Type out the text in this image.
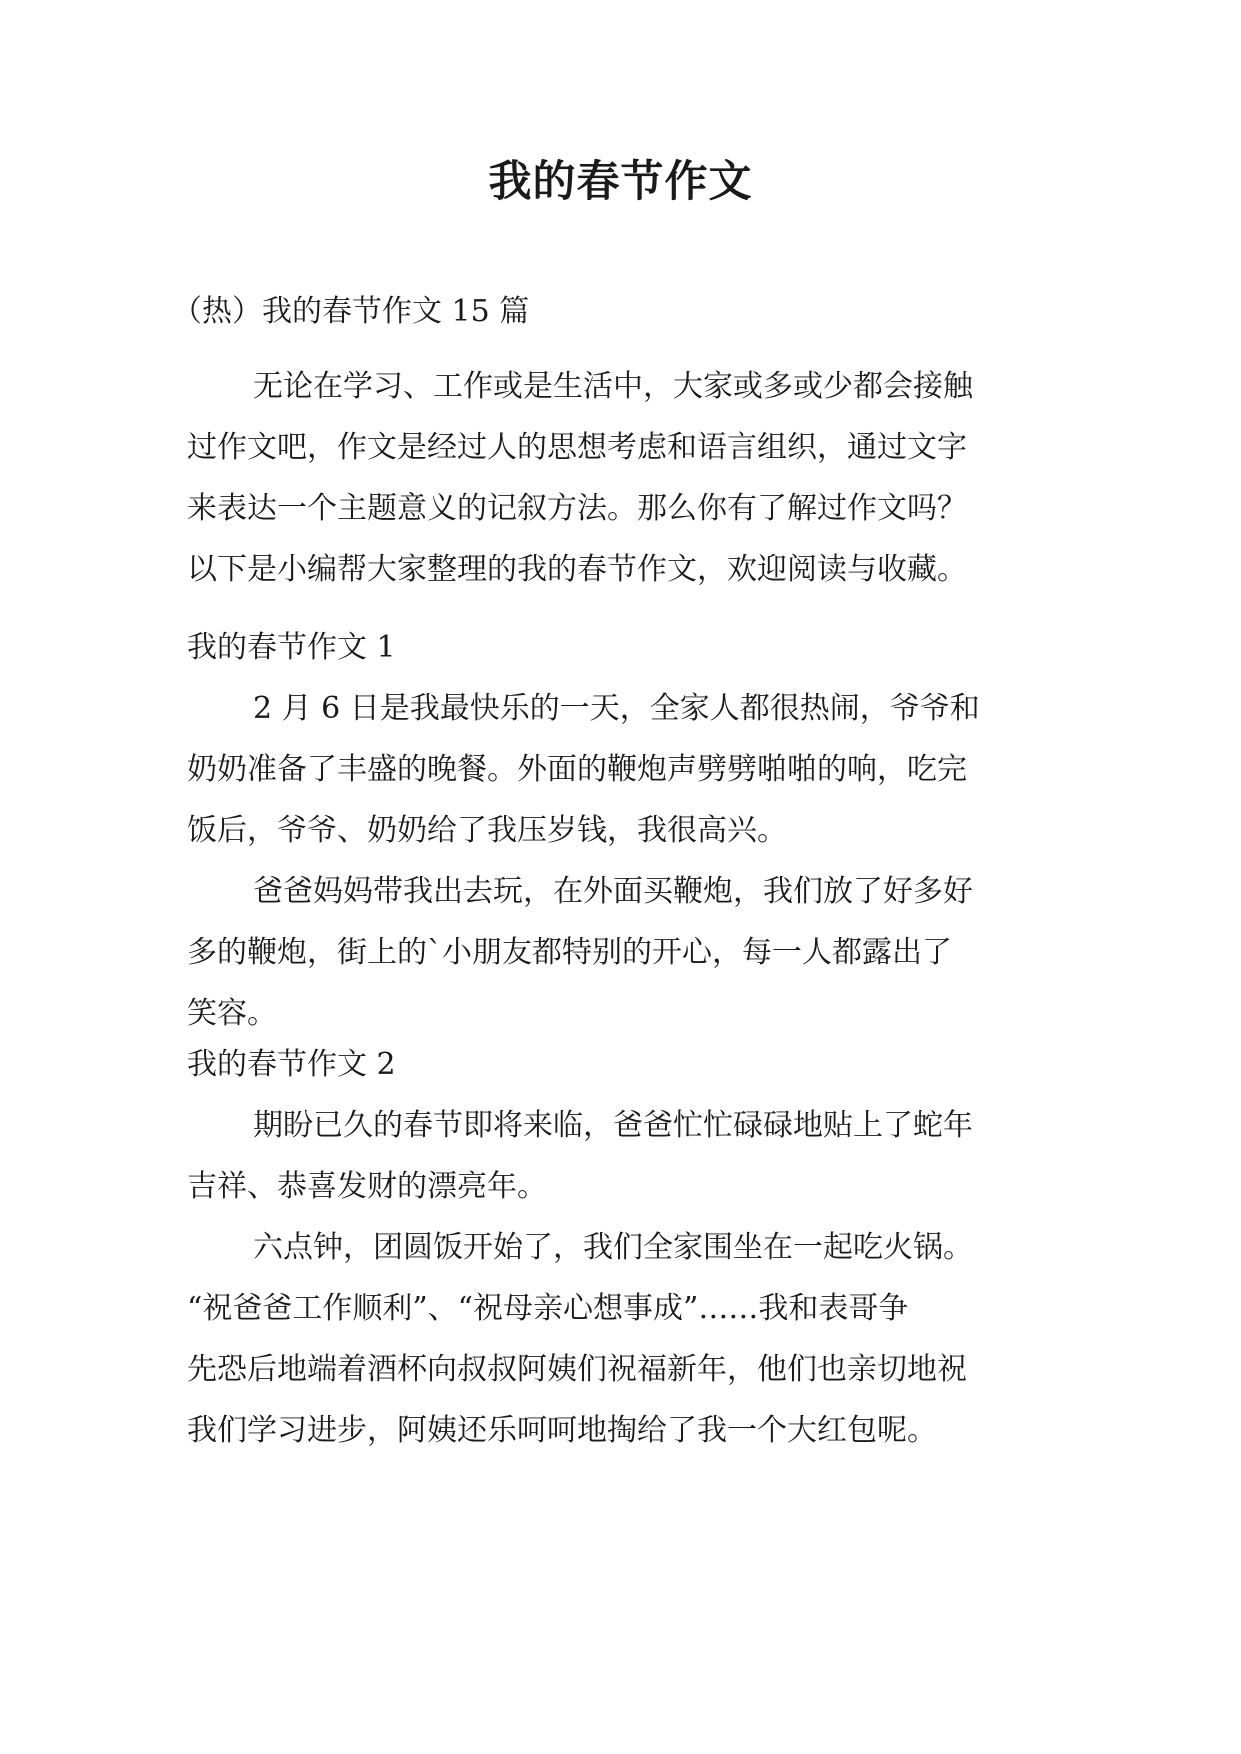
我的春节作文
（热）我的春节作文 15 篇
无论在学习、工作或是生活中，大家或多或少都会接触
过作文吧，作文是经过人的思想考虑和语言组织，通过文字
来表达一个主题意义的记叙方法。那么你有了解过作文吗？
以下是小编帮大家整理的我的春节作文，欢迎阅读与收藏。
我的春节作文 1
2 月 6 日是我最快乐的一天，全家人都很热闹，爷爷和
奶奶准备了丰盛的晚餐。外面的鞭炮声劈劈啪啪的响，吃完
饭后，爷爷、奶奶给了我压岁钱，我很高兴。
爸爸妈妈带我出去玩，在外面买鞭炮，我们放了好多好
多的鞭炮，街上的`小朋友都特别的开心，每一人都露出了
笑容。
我的春节作文 2
期盼已久的春节即将来临，爸爸忙忙碌碌地贴上了蛇年
吉祥、恭喜发财的漂亮年。
六点钟，团圆饭开始了，我们全家围坐在一起吃火锅。
“祝爸爸工作顺利”、“祝母亲心想事成”……我和表哥争
先恐后地端着酒杯向叔叔阿姨们祝福新年，他们也亲切地祝
我们学习进步，阿姨还乐呵呵地掏给了我一个大红包呢。
